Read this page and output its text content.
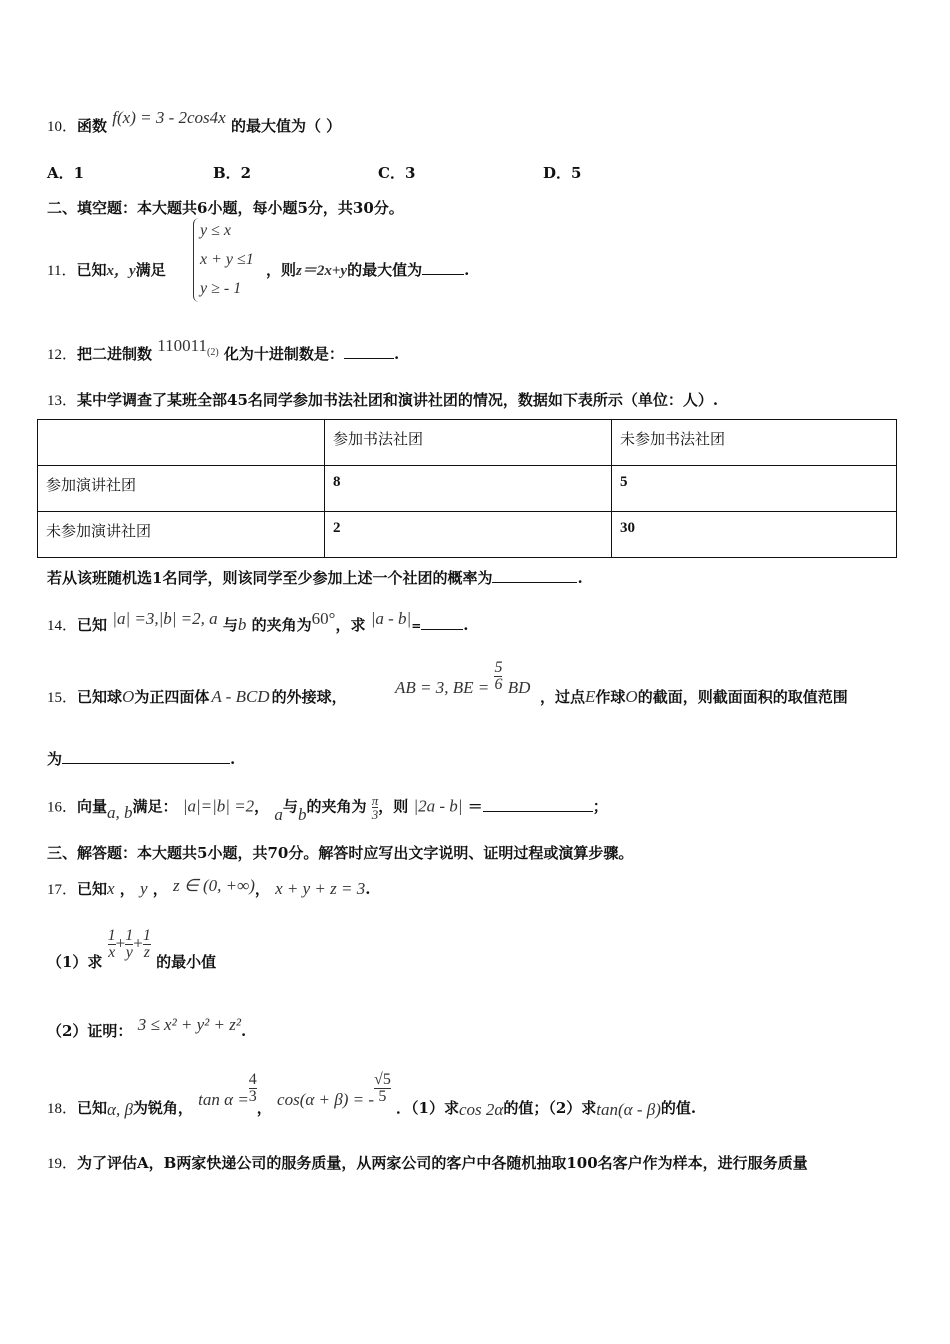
10．函数 f(x) = 3 - 2cos4x 的最大值为（ ）
A．1	B．2	C．3	D．5
二、填空题：本大题共6小题，每小题5分，共30分。
11．已知x，y满足
y ≤ x
x + y ≤1
y ≥ - 1
，则z＝2x+y的最大值为	.
12．把二进制数 110011$^{(2)}$ 化为十进制数是：	.
13．某中学调查了某班全部45名同学参加书法社团和演讲社团的情况，数据如下表所示（单位：人）.
	参加书法社团	未参加书法社团
参加演讲社团	8	5
未参加演讲社团	2	30
若从该班随机选1名同学，则该同学至少参加上述一个社团的概率为	.
14．已知 |a| =3,|b| =2, a 与b 的夹角为60°，求 |a - b|=	.
15．已知球O为正四面体 A - BCD 的外接球，
AB = 3, BE = $\frac{5}{6}$ BD
，过点E作球O的截面，则截面面积的取值范围
为	.
16．向量a, b满足： |a|=|b| =2， a与b的夹角为 $\frac{\pi}{3}$ ，则 |2a - b| ＝	；
三、解答题：本大题共5小题，共70分。解答时应写出文字说明、证明过程或演算步骤。
17．已知x ， y ， z ∈ (0, +∞)， x + y + z = 3.
（1）求
$\frac{1}{x} + \frac{1}{y} + \frac{1}{z}$
的最小值
（2）证明： 3 ≤ x² + y² + z².
18．已知α, β为锐角， $\tan \alpha = \frac{4}{3}$
， cos(α + β) = - $\frac{√5}{5}$
．（1）求cos 2α的值；（2）求tan(α - β)的值.
19．为了评估A，B两家快递公司的服务质量，从两家公司的客户中各随机抽取100名客户作为样本，进行服务质量
